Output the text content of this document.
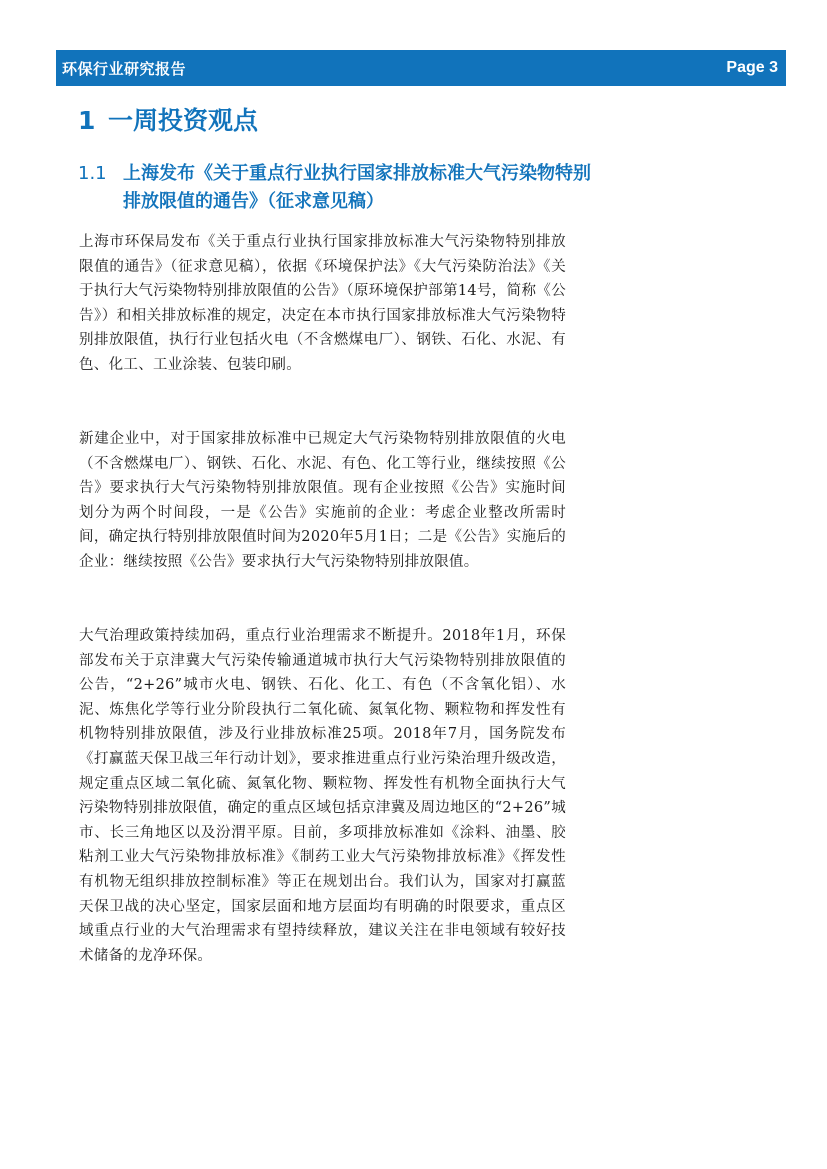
环保行业研究报告	Page 3
1 一周投资观点
1.1 上海发布《关于重点行业执行国家排放标准大气污染物特别排放限值的通告》（征求意见稿）
上海市环保局发布《关于重点行业执行国家排放标准大气污染物特别排放限值的通告》（征求意见稿），依据《环境保护法》《大气污染防治法》《关于执行大气污染物特别排放限值的公告》（原环境保护部第14号，简称《公告》）和相关排放标准的规定，决定在本市执行国家排放标准大气污染物特别排放限值，执行行业包括火电（不含燃煤电厂）、钢铁、石化、水泥、有色、化工、工业涂装、包装印刷。
新建企业中，对于国家排放标准中已规定大气污染物特别排放限值的火电（不含燃煤电厂）、钢铁、石化、水泥、有色、化工等行业，继续按照《公告》要求执行大气污染物特别排放限值。现有企业按照《公告》实施时间划分为两个时间段，一是《公告》实施前的企业：考虑企业整改所需时间，确定执行特别排放限值时间为2020年5月1日；二是《公告》实施后的企业：继续按照《公告》要求执行大气污染物特别排放限值。
大气治理政策持续加码，重点行业治理需求不断提升。2018年1月，环保部发布关于京津冀大气污染传输通道城市执行大气污染物特别排放限值的公告，“2+26”城市火电、钢铁、石化、化工、有色（不含氧化铝）、水泥、炼焦化学等行业分阶段执行二氧化硫、氮氧化物、颗粒物和挥发性有机物特别排放限值，涉及行业排放标准25项。2018年7月，国务院发布《打赢蓝天保卫战三年行动计划》，要求推进重点行业污染治理升级改造，规定重点区域二氧化硫、氮氧化物、颗粒物、挥发性有机物全面执行大气污染物特别排放限值，确定的重点区域包括京津冀及周边地区的“2+26”城市、长三角地区以及汾渭平原。目前，多项排放标准如《涂料、油墨、胶粘剂工业大气污染物排放标准》《制药工业大气污染物排放标准》《挥发性有机物无组织排放控制标准》等正在规划出台。我们认为，国家对打赢蓝天保卫战的决心坚定，国家层面和地方层面均有明确的时限要求，重点区域重点行业的大气治理需求有望持续释放，建议关注在非电领域有较好技术储备的龙净环保。
